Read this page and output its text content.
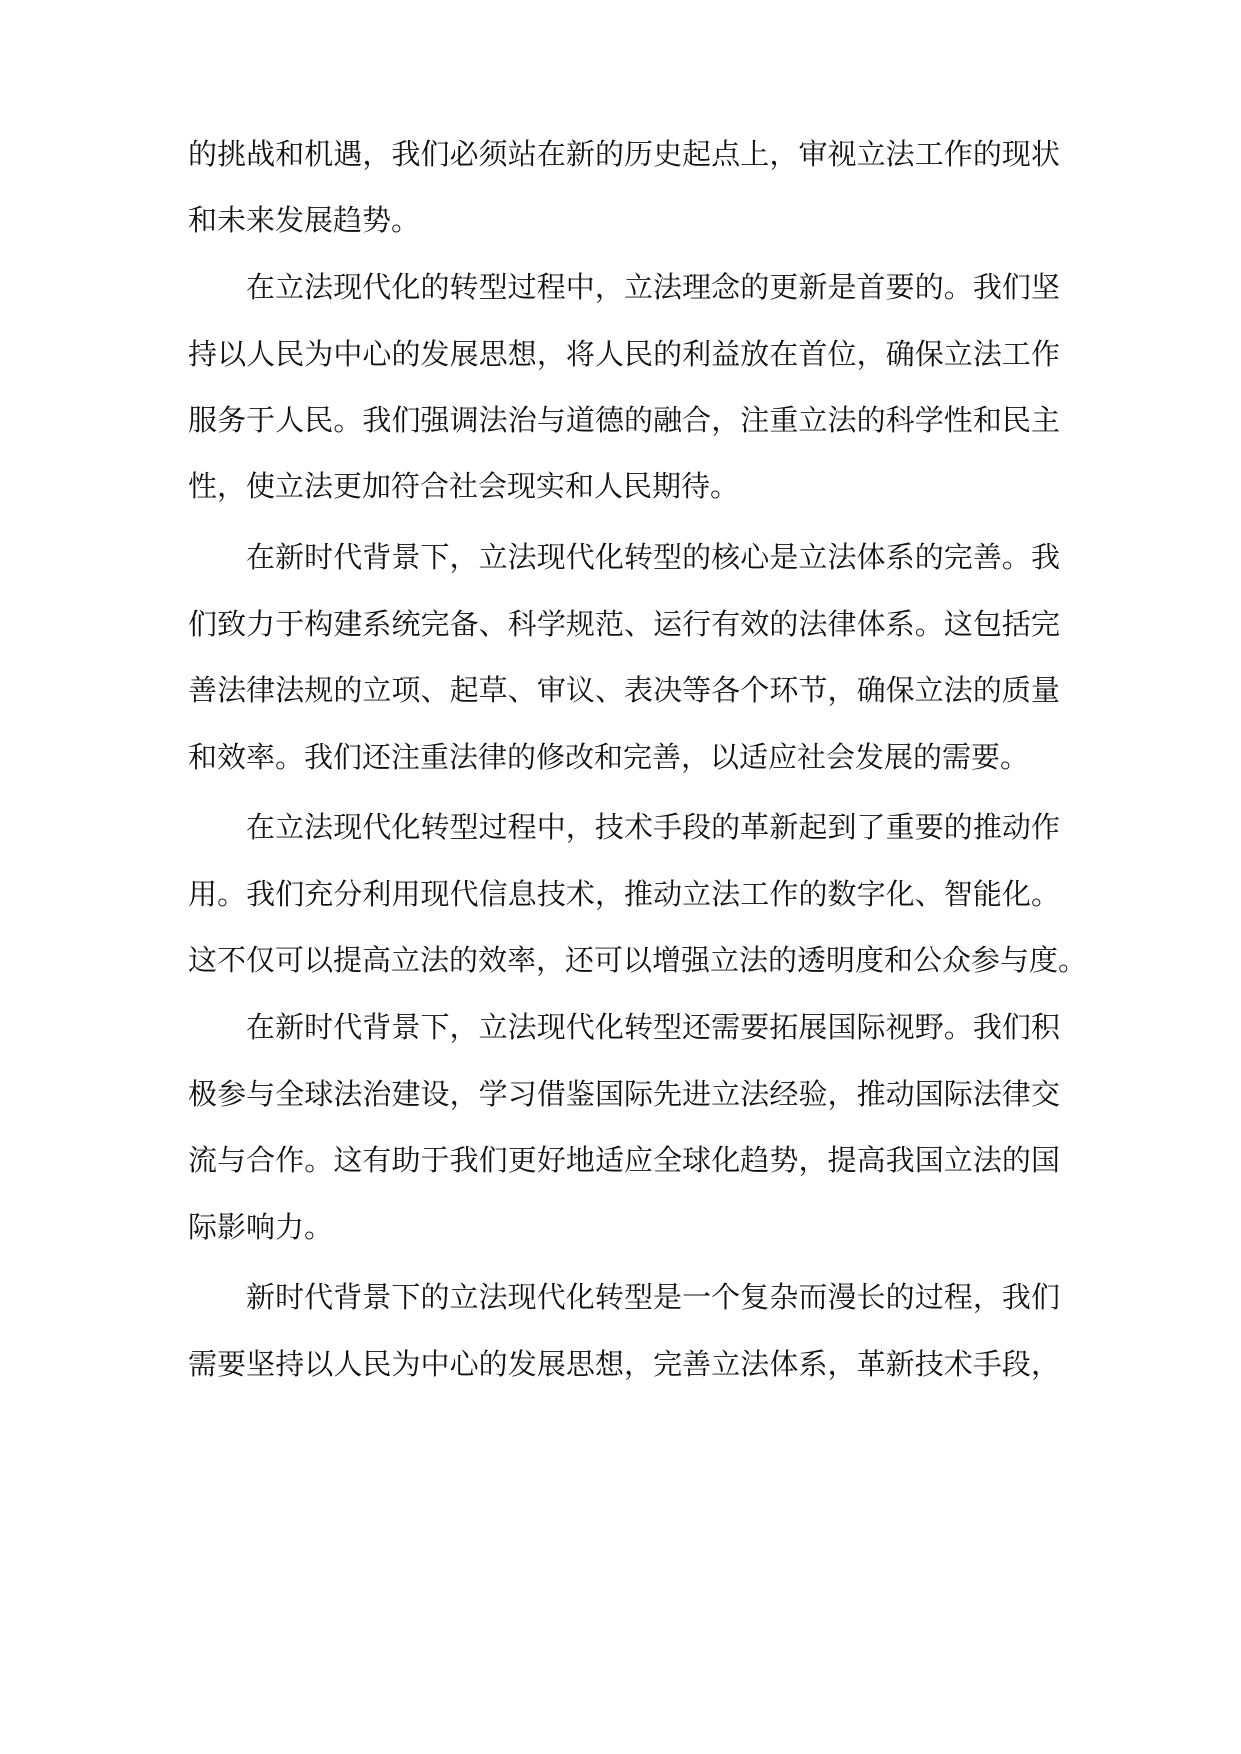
的挑战和机遇，我们必须站在新的历史起点上，审视立法工作的现状

和未来发展趋势。

在立法现代化的转型过程中，立法理念的更新是首要的。我们坚

持以人民为中心的发展思想，将人民的利益放在首位，确保立法工作

服务于人民。我们强调法治与道德的融合，注重立法的科学性和民主

性，使立法更加符合社会现实和人民期待。

在新时代背景下，立法现代化转型的核心是立法体系的完善。我

们致力于构建系统完备、科学规范、运行有效的法律体系。这包括完

善法律法规的立项、起草、审议、表决等各个环节，确保立法的质量

和效率。我们还注重法律的修改和完善，以适应社会发展的需要。

在立法现代化转型过程中，技术手段的革新起到了重要的推动作

用。我们充分利用现代信息技术，推动立法工作的数字化、智能化。

这不仅可以提高立法的效率，还可以增强立法的透明度和公众参与度。

在新时代背景下，立法现代化转型还需要拓展国际视野。我们积

极参与全球法治建设，学习借鉴国际先进立法经验，推动国际法律交

流与合作。这有助于我们更好地适应全球化趋势，提高我国立法的国

际影响力。

新时代背景下的立法现代化转型是一个复杂而漫长的过程，我们

需要坚持以人民为中心的发展思想，完善立法体系，革新技术手段，
